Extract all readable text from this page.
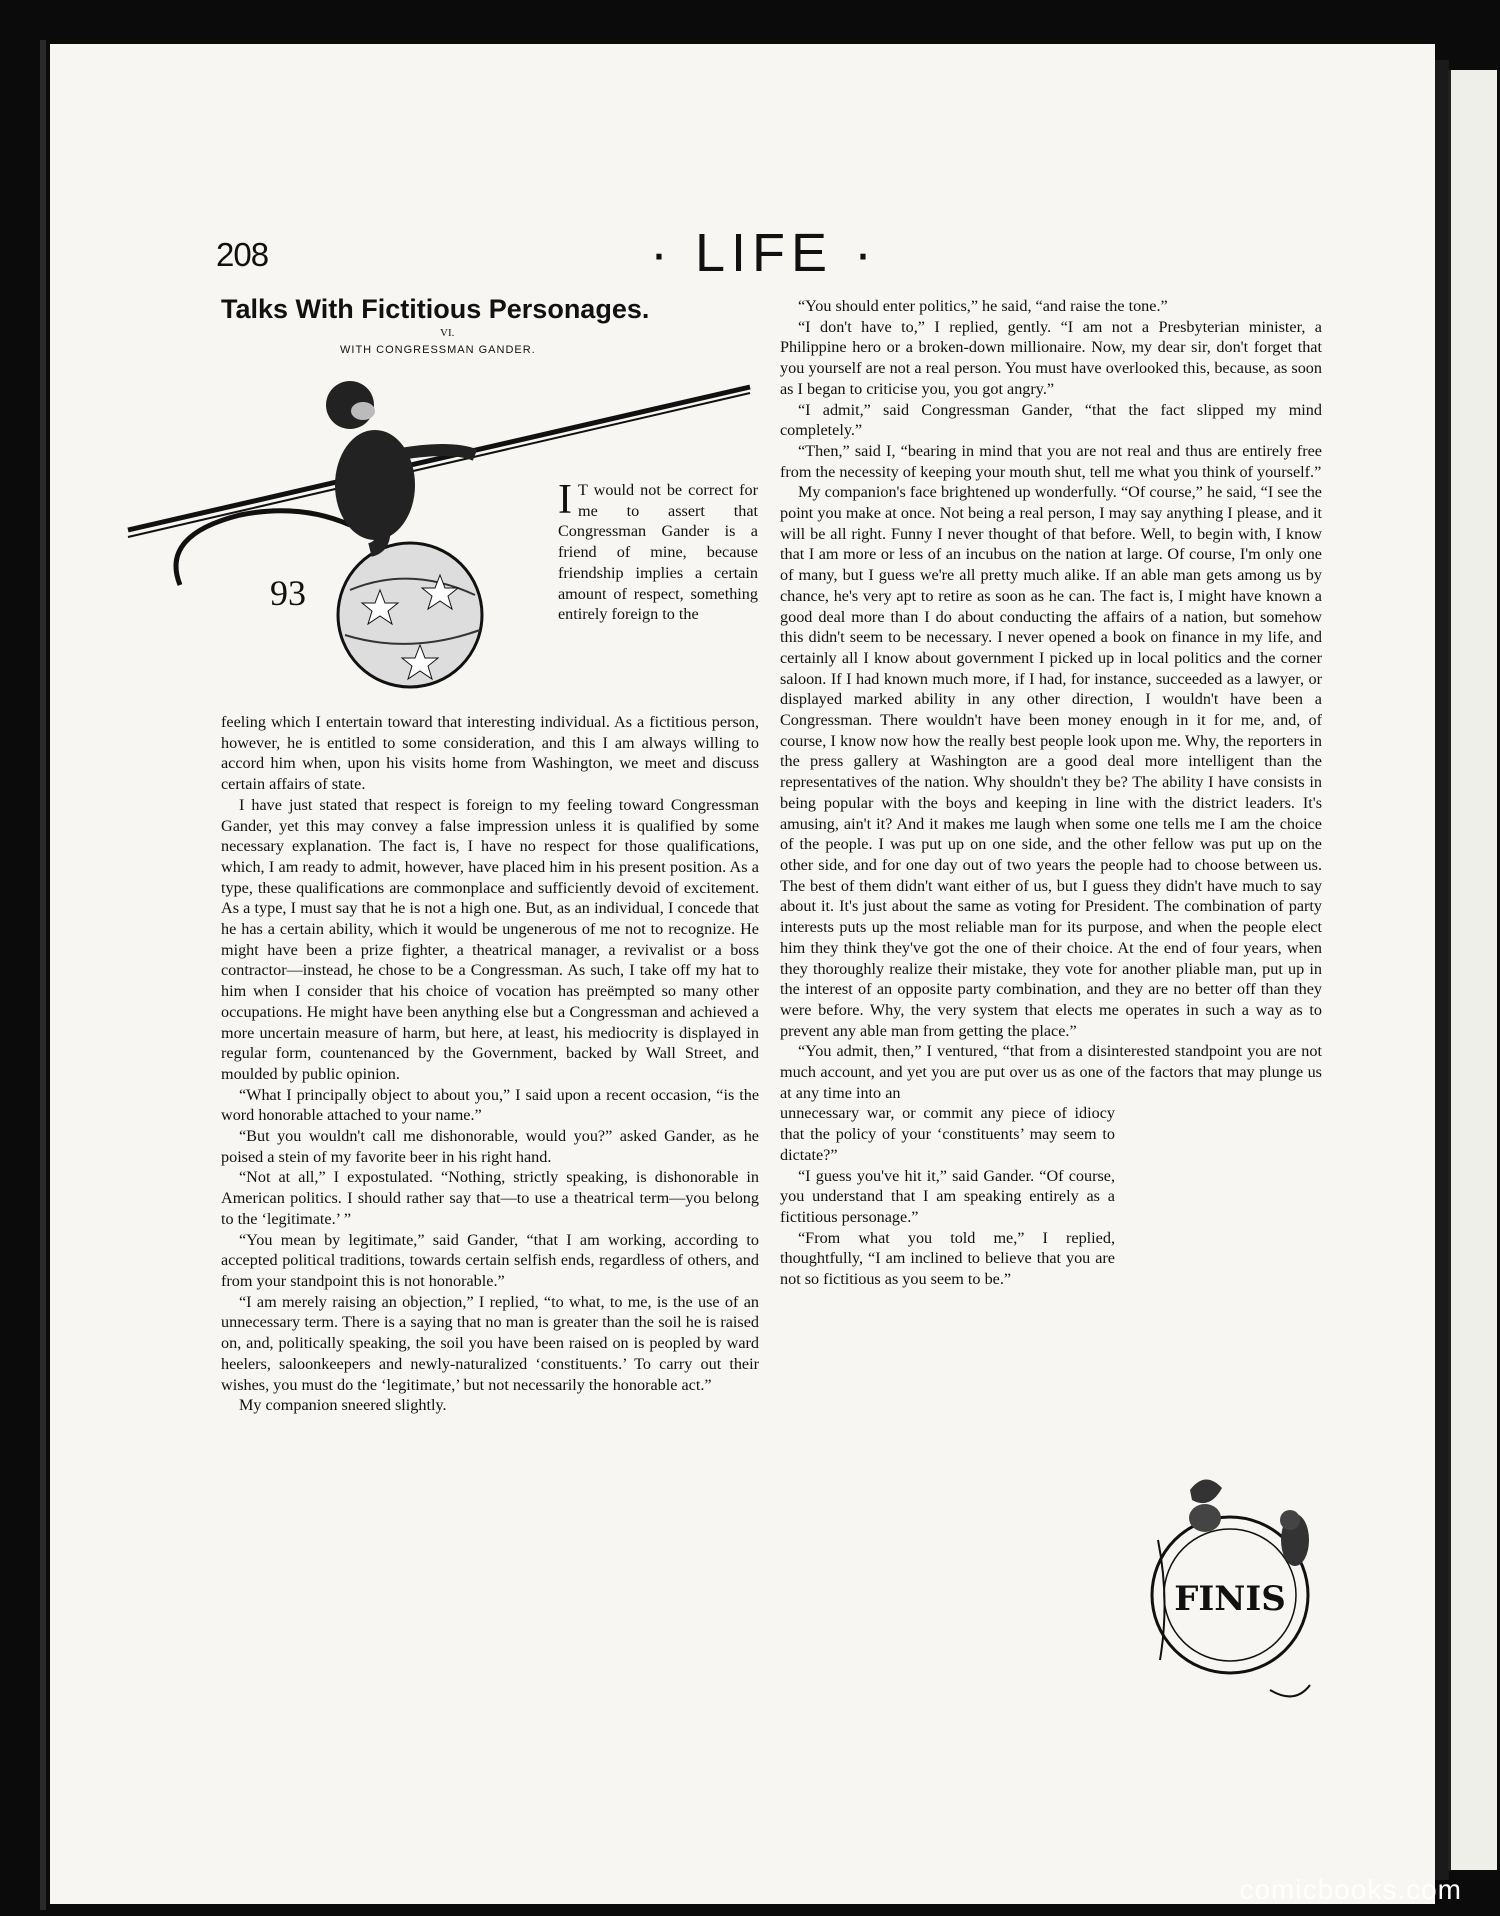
208	· LIFE ·
Talks With Fictitious Personages.
VI.
WITH CONGRESSMAN GANDER.
93

I T would not be correct for me to assert that Congressman Gander is a friend of mine, because friendship implies a certain amount of respect, something entirely foreign to the

feeling which I entertain toward that interesting individual. As a fictitious person, however, he is entitled to some consideration, and this I am always willing to accord him when, upon his visits home from Washington, we meet and discuss certain affairs of state.

I have just stated that respect is foreign to my feeling toward Congressman Gander, yet this may convey a false impression unless it is qualified by some necessary explanation. The fact is, I have no respect for those qualifications, which, I am ready to admit, however, have placed him in his present position. As a type, these qualifications are commonplace and sufficiently devoid of excitement. As a type, I must say that he is not a high one. But, as an individual, I concede that he has a certain ability, which it would be ungenerous of me not to recognize. He might have been a prize fighter, a theatrical manager, a revivalist or a boss contractor—instead, he chose to be a Congressman. As such, I take off my hat to him when I consider that his choice of vocation has preëmpted so many other occupations. He might have been anything else but a Congressman and achieved a more uncertain measure of harm, but here, at least, his mediocrity is displayed in regular form, countenanced by the Government, backed by Wall Street, and moulded by public opinion.

“What I principally object to about you,” I said upon a recent occasion, “is the word honorable attached to your name.”

“But you wouldn't call me dishonorable, would you?” asked Gander, as he poised a stein of my favorite beer in his right hand.

“Not at all,” I expostulated. “Nothing, strictly speaking, is dishonorable in American politics. I should rather say that—to use a theatrical term—you belong to the ‘legitimate.’ ”

“You mean by legitimate,” said Gander, “that I am working, according to accepted political traditions, towards certain selfish ends, regardless of others, and from your standpoint this is not honorable.”

“I am merely raising an objection,” I replied, “to what, to me, is the use of an unnecessary term. There is a saying that no man is greater than the soil he is raised on, and, politically speaking, the soil you have been raised on is peopled by ward heelers, saloonkeepers and newly-naturalized ‘constituents.’ To carry out their wishes, you must do the ‘legitimate,’ but not necessarily the honorable act.”

My companion sneered slightly.

“You should enter politics,” he said, “and raise the tone.”

“I don't have to,” I replied, gently. “I am not a Presbyterian minister, a Philippine hero or a broken-down millionaire. Now, my dear sir, don't forget that you yourself are not a real person. You must have overlooked this, because, as soon as I began to criticise you, you got angry.”

“I admit,” said Congressman Gander, “that the fact slipped my mind completely.”

“Then,” said I, “bearing in mind that you are not real and thus are entirely free from the necessity of keeping your mouth shut, tell me what you think of yourself.”

My companion's face brightened up wonderfully. “Of course,” he said, “I see the point you make at once. Not being a real person, I may say anything I please, and it will be all right. Funny I never thought of that before. Well, to begin with, I know that I am more or less of an incubus on the nation at large. Of course, I'm only one of many, but I guess we're all pretty much alike. If an able man gets among us by chance, he's very apt to retire as soon as he can. The fact is, I might have known a good deal more than I do about conducting the affairs of a nation, but somehow this didn't seem to be necessary. I never opened a book on finance in my life, and certainly all I know about government I picked up in local politics and the corner saloon. If I had known much more, if I had, for instance, succeeded as a lawyer, or displayed marked ability in any other direction, I wouldn't have been a Congressman. There wouldn't have been money enough in it for me, and, of course, I know now how the really best people look upon me. Why, the reporters in the press gallery at Washington are a good deal more intelligent than the representatives of the nation. Why shouldn't they be? The ability I have consists in being popular with the boys and keeping in line with the district leaders. It's amusing, ain't it? And it makes me laugh when some one tells me I am the choice of the people. I was put up on one side, and the other fellow was put up on the other side, and for one day out of two years the people had to choose between us. The best of them didn't want either of us, but I guess they didn't have much to say about it. It's just about the same as voting for President. The combination of party interests puts up the most reliable man for its purpose, and when the people elect him they think they've got the one of their choice. At the end of four years, when they thoroughly realize their mistake, they vote for another pliable man, put up in the interest of an opposite party combination, and they are no better off than they were before. Why, the very system that elects me operates in such a way as to prevent any able man from getting the place.”

“You admit, then,” I ventured, “that from a disinterested standpoint you are not much account, and yet you are put over us as one of the factors that may plunge us at any time into an

unnecessary war, or commit any piece of idiocy that the policy of your ‘constituents’ may seem to dictate?”

“I guess you've hit it,” said Gander. “Of course, you understand that I am speaking entirely as a fictitious personage.”

“From what you told me,” I replied, thoughtfully, “I am inclined to believe that you are not so fictitious as you seem to be.”

FINIS
comicbooks.com
